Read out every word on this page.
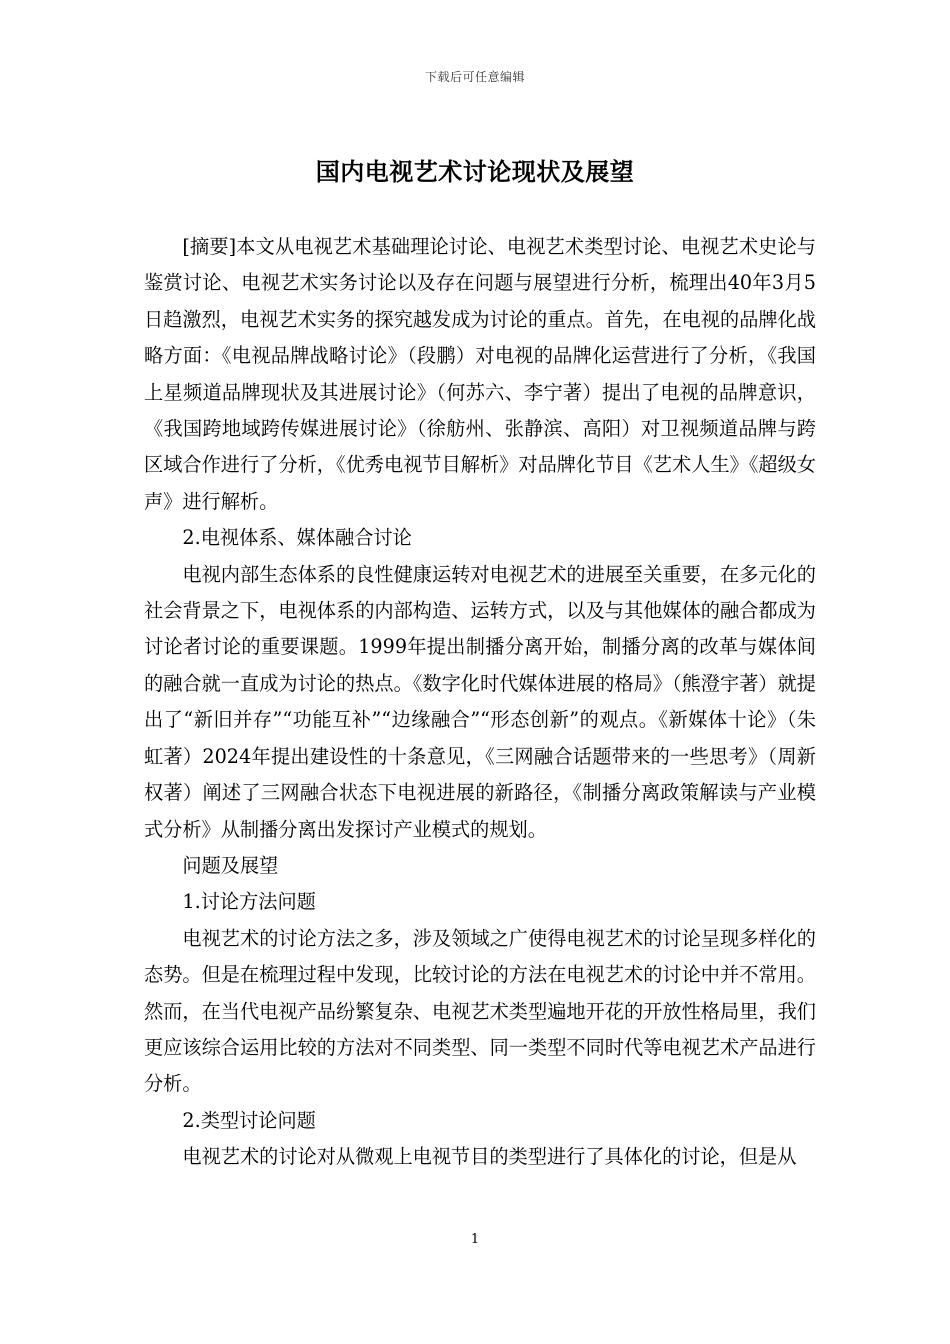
下载后可任意编辑
国内电视艺术讨论现状及展望

[摘要]本文从电视艺术基础理论讨论、电视艺术类型讨论、电视艺术史论与鉴赏讨论、电视艺术实务讨论以及存在问题与展望进行分析，梳理出40年3月5日趋激烈，电视艺术实务的探究越发成为讨论的重点。首先，在电视的品牌化战略方面：《电视品牌战略讨论》（段鹏）对电视的品牌化运营进行了分析，《我国上星频道品牌现状及其进展讨论》（何苏六、李宁著）提出了电视的品牌意识，《我国跨地域跨传媒进展讨论》（徐舫州、张静滨、高阳）对卫视频道品牌与跨区域合作进行了分析，《优秀电视节目解析》对品牌化节目《艺术人生》《超级女声》进行解析。

2.电视体系、媒体融合讨论

电视内部生态体系的良性健康运转对电视艺术的进展至关重要，在多元化的社会背景之下，电视体系的内部构造、运转方式，以及与其他媒体的融合都成为讨论者讨论的重要课题。1999年提出制播分离开始，制播分离的改革与媒体间的融合就一直成为讨论的热点。《数字化时代媒体进展的格局》（熊澄宇著）就提出了“新旧并存”“功能互补”“边缘融合”“形态创新”的观点。《新媒体十论》（朱虹著）2024年提出建设性的十条意见，《三网融合话题带来的一些思考》（周新权著）阐述了三网融合状态下电视进展的新路径，《制播分离政策解读与产业模式分析》从制播分离出发探讨产业模式的规划。

问题及展望

1.讨论方法问题

电视艺术的讨论方法之多，涉及领域之广使得电视艺术的讨论呈现多样化的态势。但是在梳理过程中发现，比较讨论的方法在电视艺术的讨论中并不常用。然而，在当代电视产品纷繁复杂、电视艺术类型遍地开花的开放性格局里，我们更应该综合运用比较的方法对不同类型、同一类型不同时代等电视艺术产品进行分析。

2.类型讨论问题

电视艺术的讨论对从微观上电视节目的类型进行了具体化的讨论，但是从

1
